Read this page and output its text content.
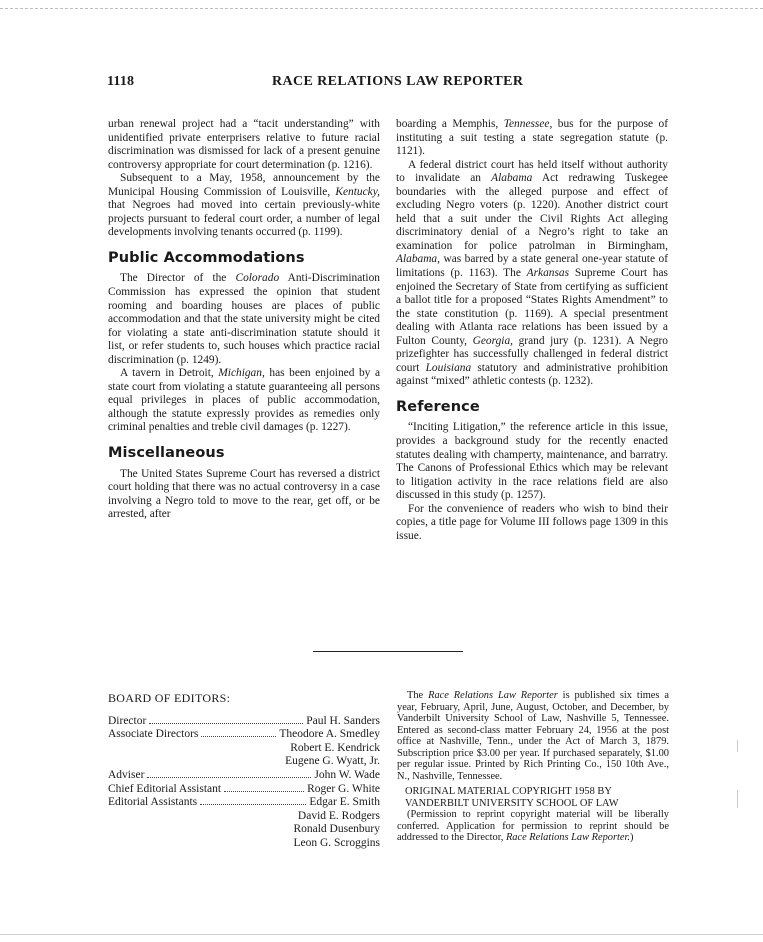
1118	RACE RELATIONS LAW REPORTER

urban renewal project had a “tacit understanding” with unidentified private enterprisers relative to future racial discrimination was dismissed for lack of a present genuine controversy appropriate for court determination (p. 1216).

Subsequent to a May, 1958, announcement by the Municipal Housing Commission of Louisville, Kentucky, that Negroes had moved into certain previously-white projects pursuant to federal court order, a number of legal developments involving tenants occurred (p. 1199).

Public Accommodations

The Director of the Colorado Anti-Discrimination Commission has expressed the opinion that student rooming and boarding houses are places of public accommodation and that the state university might be cited for violating a state anti-discrimination statute should it list, or refer students to, such houses which practice racial discrimination (p. 1249).

A tavern in Detroit, Michigan, has been enjoined by a state court from violating a statute guaranteeing all persons equal privileges in places of public accommodation, although the statute expressly provides as remedies only criminal penalties and treble civil damages (p. 1227).

Miscellaneous

The United States Supreme Court has reversed a district court holding that there was no actual controversy in a case involving a Negro told to move to the rear, get off, or be arrested, after

boarding a Memphis, Tennessee, bus for the purpose of instituting a suit testing a state segregation statute (p. 1121).

A federal district court has held itself without authority to invalidate an Alabama Act redrawing Tuskegee boundaries with the alleged purpose and effect of excluding Negro voters (p. 1220). Another district court held that a suit under the Civil Rights Act alleging discriminatory denial of a Negro’s right to take an examination for police patrolman in Birmingham, Alabama, was barred by a state general one-year statute of limitations (p. 1163). The Arkansas Supreme Court has enjoined the Secretary of State from certifying as sufficient a ballot title for a proposed “States Rights Amendment” to the state constitution (p. 1169). A special presentment dealing with Atlanta race relations has been issued by a Fulton County, Georgia, grand jury (p. 1231). A Negro prizefighter has successfully challenged in federal district court Louisiana statutory and administrative prohibition against “mixed” athletic contests (p. 1232).

Reference

“Inciting Litigation,” the reference article in this issue, provides a background study for the recently enacted statutes dealing with champerty, maintenance, and barratry. The Canons of Professional Ethics which may be relevant to litigation activity in the race relations field are also discussed in this study (p. 1257).

For the convenience of readers who wish to bind their copies, a title page for Volume III follows page 1309 in this issue.

BOARD OF EDITORS:
Director	Paul H. Sanders
Associate Directors	Theodore A. Smedley
Robert E. Kendrick
Eugene G. Wyatt, Jr.
Adviser	John W. Wade
Chief Editorial Assistant	Roger G. White
Editorial Assistants	Edgar E. Smith
David E. Rodgers
Ronald Dusenbury
Leon G. Scroggins

The Race Relations Law Reporter is published six times a year, February, April, June, August, October, and December, by Vanderbilt University School of Law, Nashville 5, Tennessee. Entered as second-class matter February 24, 1956 at the post office at Nashville, Tenn., under the Act of March 3, 1879. Subscription price $3.00 per year. If purchased separately, $1.00 per regular issue. Printed by Rich Printing Co., 150 10th Ave., N., Nashville, Tennessee.

ORIGINAL MATERIAL COPYRIGHT 1958 BY
VANDERBILT UNIVERSITY SCHOOL OF LAW

(Permission to reprint copyright material will be liberally conferred. Application for permission to reprint should be addressed to the Director, Race Relations Law Reporter.)
